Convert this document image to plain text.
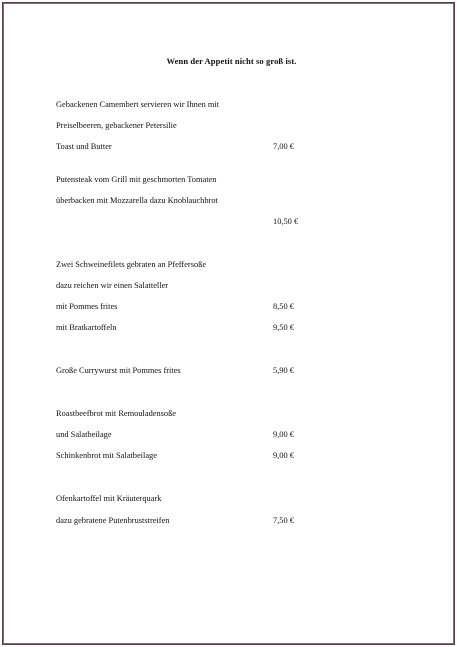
Wenn der Appetit nicht so groß ist.
Gebackenen Camembert servieren wir Ihnen mit
Preiselbeeren, gebackener Petersilie
Toast und Butter	7,00 €
Putensteak vom Grill mit geschmorten Tomaten
überbacken mit Mozzarella dazu Knoblauchbrot
10,50 €
Zwei Schweinefilets gebraten an Pfeffersoße
dazu reichen wir einen Salatteller
mit Pommes frites	8,50 €
mit Bratkartoffeln	9,50 €
Große Currywurst mit Pommes frites	5,90 €
Roastbeefbrot mit Remouladensoße
und Salatbeilage	9,00 €
Schinkenbrot mit Salatbeilage	9,00 €
Ofenkartoffel mit Kräuterquark
dazu gebratene Putenbruststreifen	7,50 €
